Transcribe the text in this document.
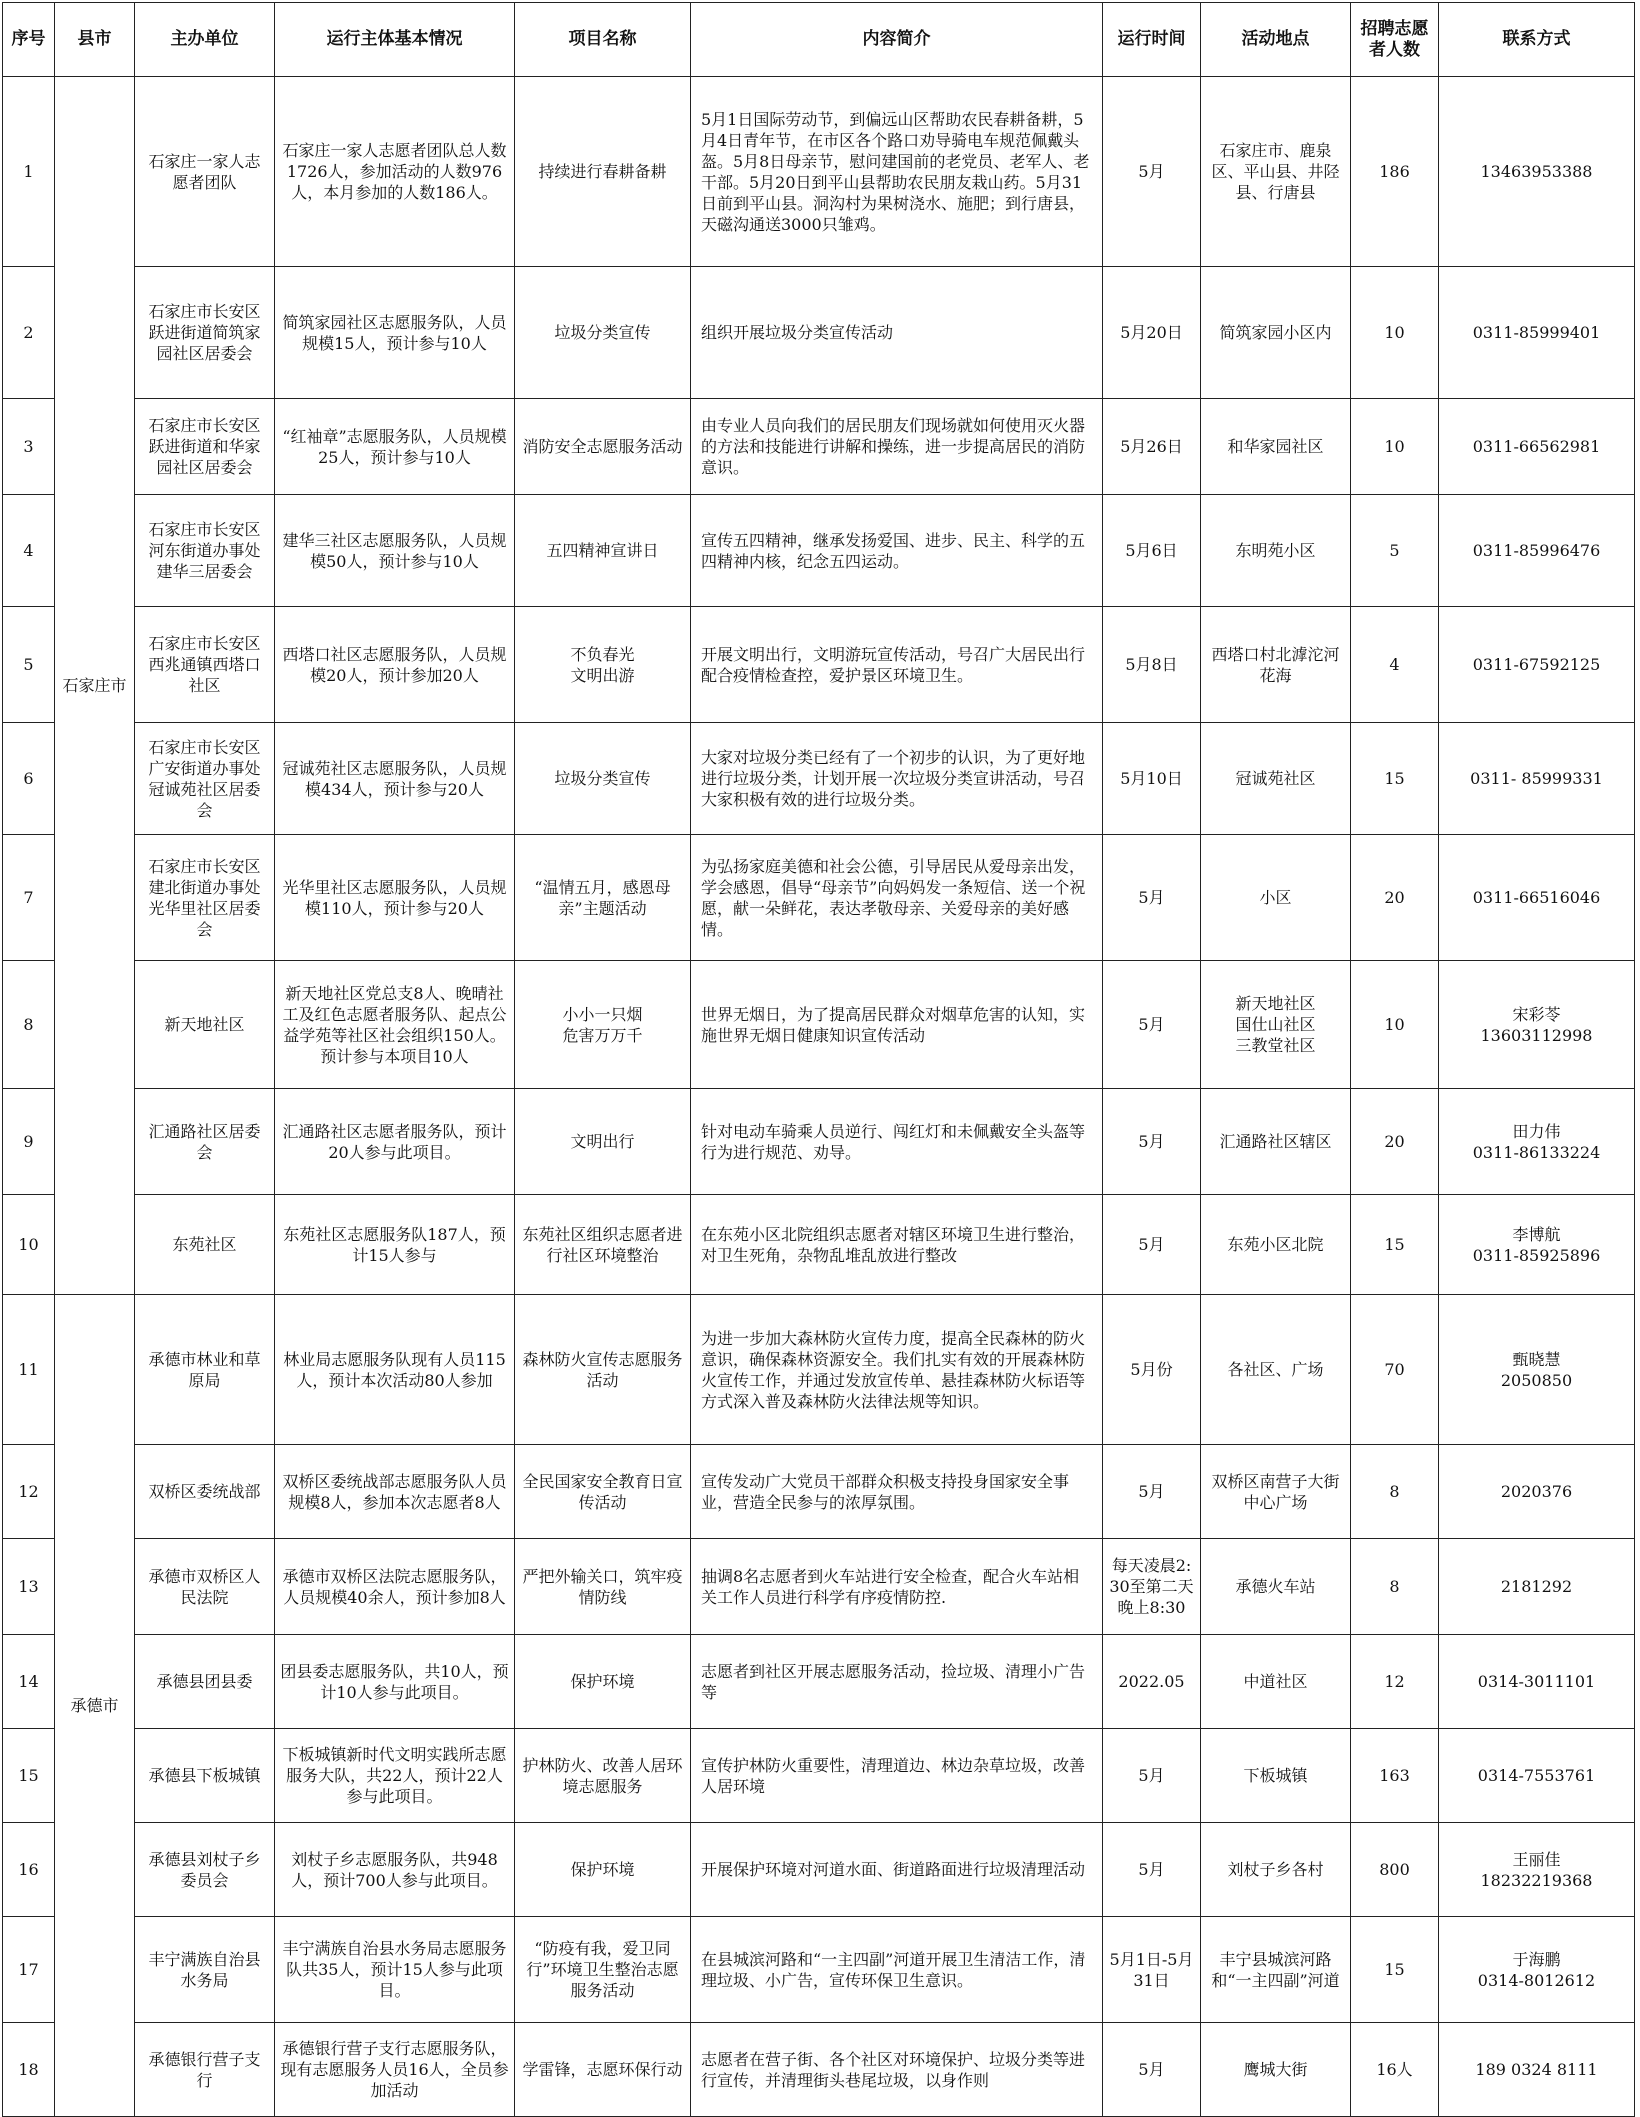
序号	县市	主办单位	运行主体基本情况	项目名称	内容简介	运行时间	活动地点	招聘志愿者人数	联系方式

1	石家庄市	石家庄一家人志愿者团队	石家庄一家人志愿者团队总人数1726人，参加活动的人数976人，本月参加的人数186人。	持续进行春耕备耕	5月1日国际劳动节，到偏远山区帮助农民春耕备耕，5月4日青年节，在市区各个路口劝导骑电车规范佩戴头盔。5月8日母亲节，慰问建国前的老党员、老军人、老干部。5月20日到平山县帮助农民朋友栽山药。5月31日前到平山县。洞沟村为果树浇水、施肥；到行唐县，天磁沟通送3000只雏鸡。	5月	石家庄市、鹿泉区、平山县、井陉县、行唐县	186	13463953388

2		石家庄市长安区跃进街道简筑家园社区居委会	简筑家园社区志愿服务队，人员规模15人，预计参与10人	垃圾分类宣传	组织开展垃圾分类宣传活动	5月20日	简筑家园小区内	10	0311-85999401

3		石家庄市长安区跃进街道和华家园社区居委会	“红袖章”志愿服务队，人员规模25人，预计参与10人	消防安全志愿服务活动	由专业人员向我们的居民朋友们现场就如何使用灭火器的方法和技能进行讲解和操练，进一步提高居民的消防意识。	5月26日	和华家园社区	10	0311-66562981

4		石家庄市长安区河东街道办事处建华三居委会	建华三社区志愿服务队，人员规模50人，预计参与10人	五四精神宣讲日	宣传五四精神，继承发扬爱国、进步、民主、科学的五四精神内核，纪念五四运动。	5月6日	东明苑小区	5	0311-85996476

5		石家庄市长安区西兆通镇西塔口社区	西塔口社区志愿服务队，人员规模20人，预计参加20人	不负春光
文明出游	开展文明出行，文明游玩宣传活动，号召广大居民出行配合疫情检查控，爱护景区环境卫生。	5月8日	西塔口村北滹沱河花海	4	0311-67592125

6		石家庄市长安区广安街道办事处冠诚苑社区居委会	冠诚苑社区志愿服务队，人员规模434人，预计参与20人	垃圾分类宣传	大家对垃圾分类已经有了一个初步的认识，为了更好地进行垃圾分类，计划开展一次垃圾分类宣讲活动，号召大家积极有效的进行垃圾分类。	5月10日	冠诚苑社区	15	0311- 85999331

7		石家庄市长安区建北街道办事处光华里社区居委会	光华里社区志愿服务队，人员规模110人，预计参与20人	“温情五月，感恩母亲”主题活动	为弘扬家庭美德和社会公德，引导居民从爱母亲出发，学会感恩，倡导“母亲节”向妈妈发一条短信、送一个祝愿，献一朵鲜花，表达孝敬母亲、关爱母亲的美好感情。	5月	小区	20	0311-66516046

8		新天地社区	新天地社区党总支8人、晚晴社工及红色志愿者服务队、起点公益学苑等社区社会组织150人。预计参与本项目10人	小小一只烟
危害万万千	世界无烟日，为了提高居民群众对烟草危害的认知，实施世界无烟日健康知识宣传活动	5月	新天地社区
国仕山社区
三教堂社区	10	宋彩苓
13603112998

9		汇通路社区居委会	汇通路社区志愿者服务队，预计20人参与此项目。	文明出行	针对电动车骑乘人员逆行、闯红灯和未佩戴安全头盔等行为进行规范、劝导。	5月	汇通路社区辖区	20	田力伟
0311-86133224

10		东苑社区	东苑社区志愿服务队187人，预计15人参与	东苑社区组织志愿者进行社区环境整治	在东苑小区北院组织志愿者对辖区环境卫生进行整治，对卫生死角，杂物乱堆乱放进行整改	5月	东苑小区北院	15	李博航
0311-85925896

11	承德市	承德市林业和草原局	林业局志愿服务队现有人员115人，预计本次活动80人参加	森林防火宣传志愿服务活动	为进一步加大森林防火宣传力度，提高全民森林的防火意识，确保森林资源安全。我们扎实有效的开展森林防火宣传工作，并通过发放宣传单、悬挂森林防火标语等方式深入普及森林防火法律法规等知识。	5月份	各社区、广场	70	甄晓慧
2050850

12		双桥区委统战部	双桥区委统战部志愿服务队人员规模8人，参加本次志愿者8人	全民国家安全教育日宣传活动	宣传发动广大党员干部群众积极支持投身国家安全事业，营造全民参与的浓厚氛围。	5月	双桥区南营子大街中心广场	8	2020376

13		承德市双桥区人民法院	承德市双桥区法院志愿服务队，人员规模40余人，预计参加8人	严把外输关口，筑牢疫情防线	抽调8名志愿者到火车站进行安全检查，配合火车站相关工作人员进行科学有序疫情防控.	每天凌晨2:30至第二天晚上8:30	承德火车站	8	2181292

14		承德县团县委	团县委志愿服务队，共10人，预计10人参与此项目。	保护环境	志愿者到社区开展志愿服务活动，捡垃圾、清理小广告等	2022.05	中道社区	12	0314-3011101

15		承德县下板城镇	下板城镇新时代文明实践所志愿服务大队，共22人，预计22人参与此项目。	护林防火、改善人居环境志愿服务	宣传护林防火重要性，清理道边、林边杂草垃圾，改善人居环境	5月	下板城镇	163	0314-7553761

16		承德县刘杖子乡委员会	刘杖子乡志愿服务队，共948人，预计700人参与此项目。	保护环境	开展保护环境对河道水面、街道路面进行垃圾清理活动	5月	刘杖子乡各村	800	王丽佳
18232219368

17		丰宁满族自治县水务局	丰宁满族自治县水务局志愿服务队共35人，预计15人参与此项目。	“防疫有我，爱卫同行”环境卫生整治志愿服务活动	在县城滨河路和“一主四副”河道开展卫生清洁工作，清理垃圾、小广告，宣传环保卫生意识。	5月1日-5月31日	丰宁县城滨河路和“一主四副”河道	15	于海鹏
0314-8012612

18		承德银行营子支行	承德银行营子支行志愿服务队，现有志愿服务人员16人，全员参加活动	学雷锋，志愿环保行动	志愿者在营子街、各个社区对环境保护、垃圾分类等进行宣传，并清理街头巷尾垃圾，以身作则	5月	鹰城大街	16人	189 0324 8111
